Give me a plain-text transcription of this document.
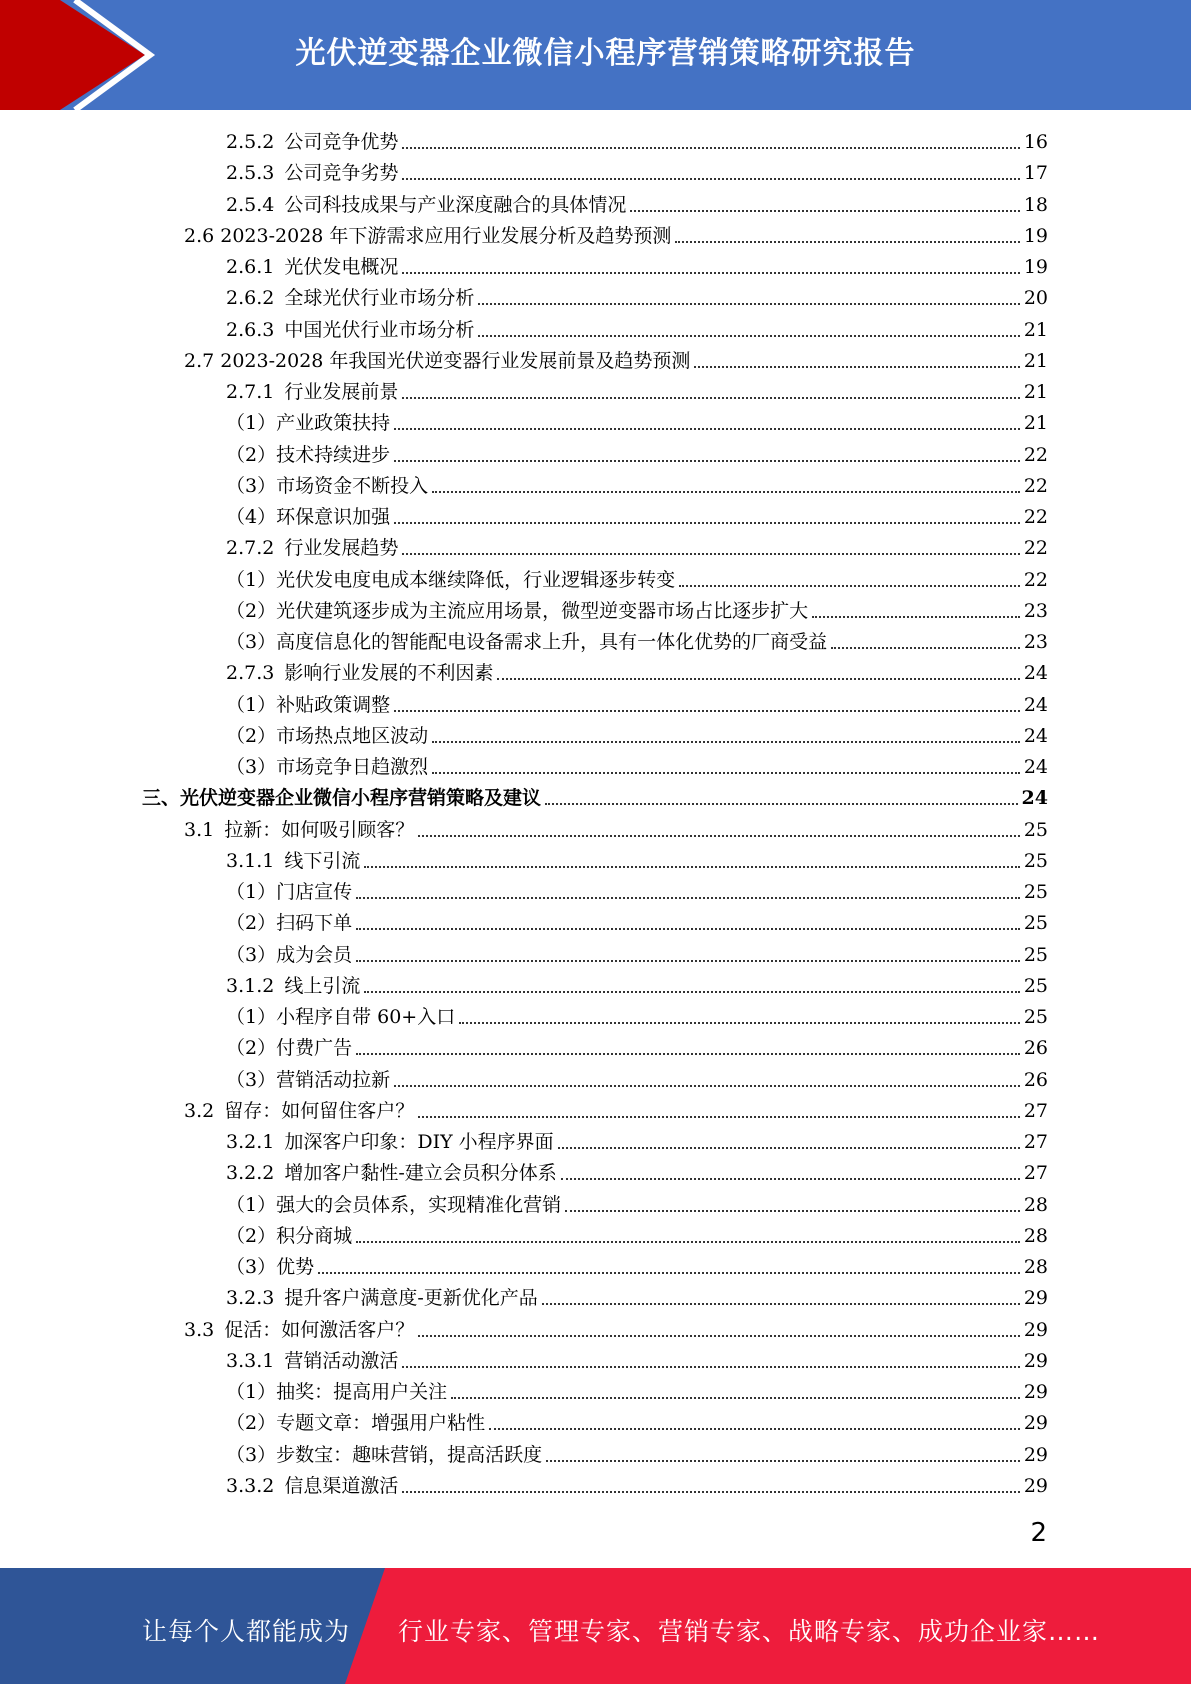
光伏逆变器企业微信小程序营销策略研究报告
2.5.2 公司竞争优势	16
2.5.3 公司竞争劣势	17
2.5.4 公司科技成果与产业深度融合的具体情况	18
2.6 2023-2028 年下游需求应用行业发展分析及趋势预测	19
2.6.1 光伏发电概况	19
2.6.2 全球光伏行业市场分析	20
2.6.3 中国光伏行业市场分析	21
2.7 2023-2028 年我国光伏逆变器行业发展前景及趋势预测	21
2.7.1 行业发展前景	21
（1）产业政策扶持	21
（2）技术持续进步	22
（3）市场资金不断投入	22
（4）环保意识加强	22
2.7.2 行业发展趋势	22
（1）光伏发电度电成本继续降低，行业逻辑逐步转变	22
（2）光伏建筑逐步成为主流应用场景，微型逆变器市场占比逐步扩大	23
（3）高度信息化的智能配电设备需求上升，具有一体化优势的厂商受益	23
2.7.3 影响行业发展的不利因素	24
（1）补贴政策调整	24
（2）市场热点地区波动	24
（3）市场竞争日趋激烈	24
三、光伏逆变器企业微信小程序营销策略及建议	24
3.1 拉新：如何吸引顾客？	25
3.1.1 线下引流	25
（1）门店宣传	25
（2）扫码下单	25
（3）成为会员	25
3.1.2 线上引流	25
（1）小程序自带 60+入口	25
（2）付费广告	26
（3）营销活动拉新	26
3.2 留存：如何留住客户？	27
3.2.1 加深客户印象：DIY 小程序界面	27
3.2.2 增加客户黏性-建立会员积分体系	27
（1）强大的会员体系，实现精准化营销	28
（2）积分商城	28
（3）优势	28
3.2.3 提升客户满意度-更新优化产品	29
3.3 促活：如何激活客户？	29
3.3.1 营销活动激活	29
（1）抽奖：提高用户关注	29
（2）专题文章：增强用户粘性	29
（3）步数宝：趣味营销，提高活跃度	29
3.3.2 信息渠道激活	29
2
让每个人都能成为 行业专家、管理专家、营销专家、战略专家、成功企业家……
